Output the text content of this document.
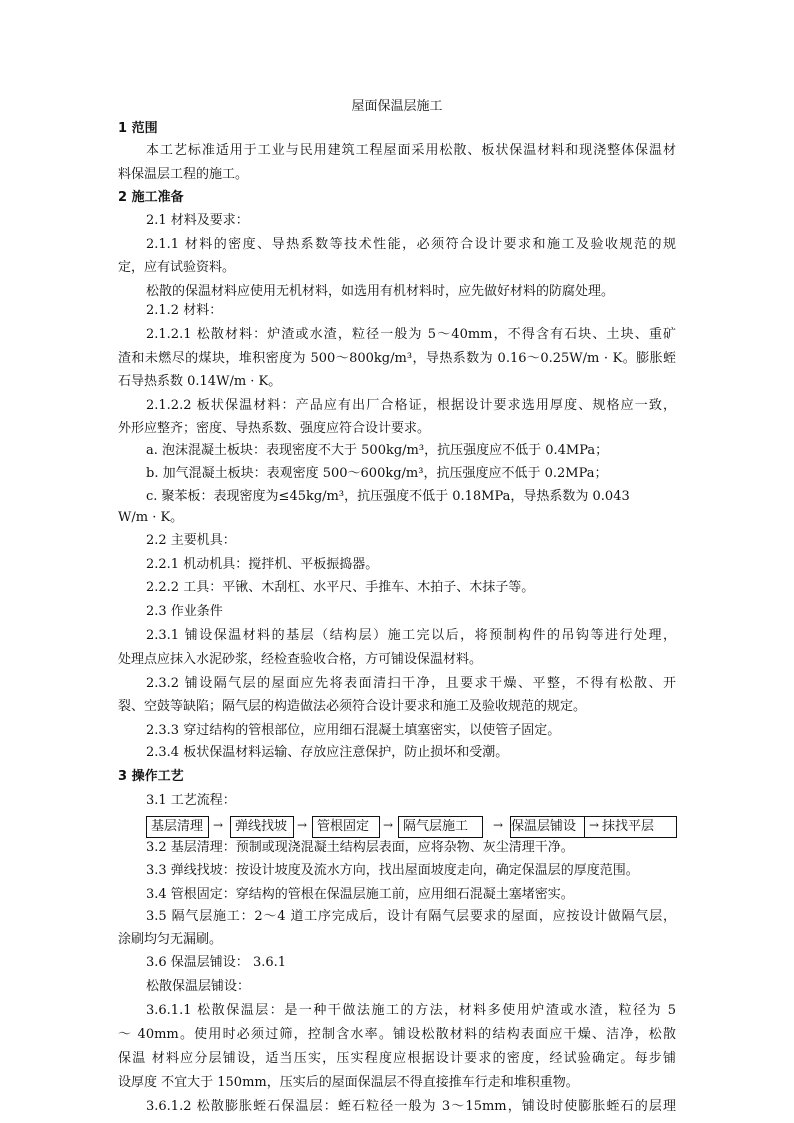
屋面保温层施工
1 范围
本工艺标准适用于工业与民用建筑工程屋面采用松散、板状保温材料和现浇整体保温材
料保温层工程的施工。
2 施工准备
2.1 材料及要求：
2.1.1 材料的密度、导热系数等技术性能，必须符合设计要求和施工及验收规范的规
定，应有试验资料。
松散的保温材料应使用无机材料，如选用有机材料时，应先做好材料的防腐处理。
2.1.2 材料：
2.1.2.1 松散材料：炉渣或水渣，粒径一般为 5～40mm，不得含有石块、土块、重矿
渣和未燃尽的煤块，堆积密度为 500～800kg/m³，导热系数为 0.16～0.25W/m · K。膨胀蛭
石导热系数 0.14W/m · K。
2.1.2.2 板状保温材料：产品应有出厂合格证，根据设计要求选用厚度、规格应一致，
外形应整齐；密度、导热系数、强度应符合设计要求。
a. 泡沫混凝土板块：表现密度不大于 500kg/m³，抗压强度应不低于 0.4MPa；
b. 加气混凝土板块：表观密度 500～600kg/m³，抗压强度应不低于 0.2MPa；
c. 聚苯板：表现密度为≤45kg/m³，抗压强度不低于 0.18MPa，导热系数为 0.043
W/m · K。
2.2 主要机具：
2.2.1 机动机具：搅拌机、平板振捣器。
2.2.2 工具：平锹、木刮杠、水平尺、手推车、木拍子、木抹子等。
2.3 作业条件
2.3.1 铺设保温材料的基层（结构层）施工完以后，将预制构件的吊钩等进行处理，
处理点应抹入水泥砂浆，经检查验收合格，方可铺设保温材料。
2.3.2 铺设隔气层的屋面应先将表面清扫干净，且要求干燥、平整，不得有松散、开
裂、空鼓等缺陷；隔气层的构造做法必须符合设计要求和施工及验收规范的规定。
2.3.3 穿过结构的管根部位，应用细石混凝土填塞密实，以使管子固定。
2.3.4 板状保温材料运输、存放应注意保护，防止损坏和受潮。
3 操作工艺
3.1 工艺流程：
基层清理 → 弹线找坡 → 管根固定	→ 隔气层施工	→ 保温层铺设	→ 抹找平层
3.2 基层清理：预制或现浇混凝土结构层表面，应将杂物、灰尘清理干净。
3.3 弹线找坡：按设计坡度及流水方向，找出屋面坡度走向，确定保温层的厚度范围。
3.4 管根固定：穿结构的管根在保温层施工前，应用细石混凝土塞堵密实。
3.5 隔气层施工：2～4 道工序完成后，设计有隔气层要求的屋面，应按设计做隔气层，
涂刷均匀无漏刷。
3.6 保温层铺设： 3.6.1
松散保温层铺设：
3.6.1.1 松散保温层：是一种干做法施工的方法，材料多使用炉渣或水渣，粒径为 5
～ 40mm。使用时必须过筛，控制含水率。铺设松散材料的结构表面应干燥、洁净，松散
保温 材料应分层铺设，适当压实，压实程度应根据设计要求的密度，经试验确定。每步铺
设厚度 不宜大于 150mm，压实后的屋面保温层不得直接推车行走和堆积重物。
3.6.1.2 松散膨胀蛭石保温层：蛭石粒径一般为 3～15mm，铺设时使膨胀蛭石的层理
